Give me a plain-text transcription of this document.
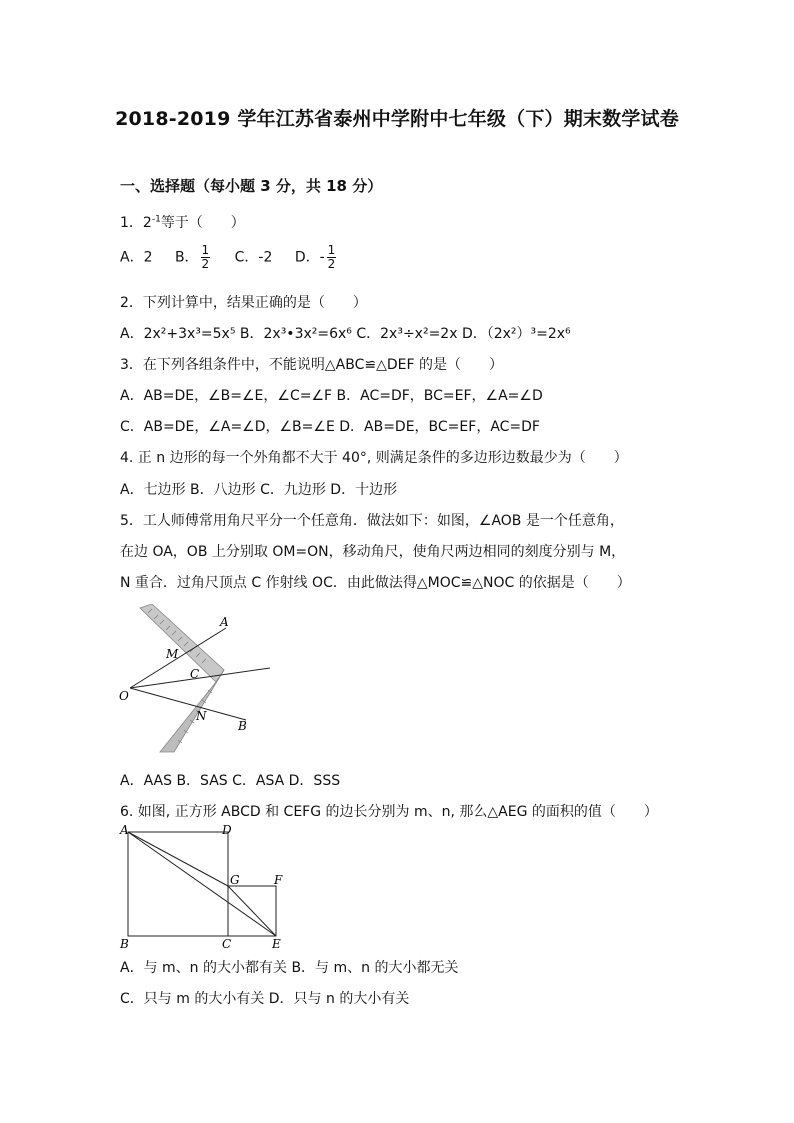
2018-2019 学年江苏省泰州中学附中七年级（下）期末数学试卷
一、选择题（每小题 3 分，共 18 分）
1．$2^{-1}$等于（　　）
A．2 B． $\frac{1}{2}$ C．-2 D．- $\frac{1}{2}$
2．下列计算中，结果正确的是（　　）
A．2x²+3x³=5x⁵ B．2x³•3x²=6x⁶ C．2x³÷x²=2x D．（2x²）³=2x⁶
3．在下列各组条件中，不能说明△ABC≌△DEF 的是（　　）
A．AB=DE，∠B=∠E，∠C=∠F B．AC=DF，BC=EF，∠A=∠D
C．AB=DE，∠A=∠D，∠B=∠E D．AB=DE，BC=EF，AC=DF
4. 正 n 边形的每一个外角都不大于 40°, 则满足条件的多边形边数最少为（　　）
A．七边形 B．八边形 C．九边形 D．十边形
5．工人师傅常用角尺平分一个任意角．做法如下：如图，∠AOB 是一个任意角，
在边 OA，OB 上分别取 OM=ON，移动角尺，使角尺两边相同的刻度分别与 M，
N 重合．过角尺顶点 C 作射线 OC．由此做法得△MOC≌△NOC 的依据是（　　）
A
M
C
O
N
B
A．AAS B．SAS C．ASA D．SSS
6. 如图, 正方形 ABCD 和 CEFG 的边长分别为 m、n, 那么△AEG 的面积的值（　　）
A	D
G	F
B	C	E
A．与 m、n 的大小都有关 B．与 m、n 的大小都无关
C．只与 m 的大小有关 D．只与 n 的大小有关
